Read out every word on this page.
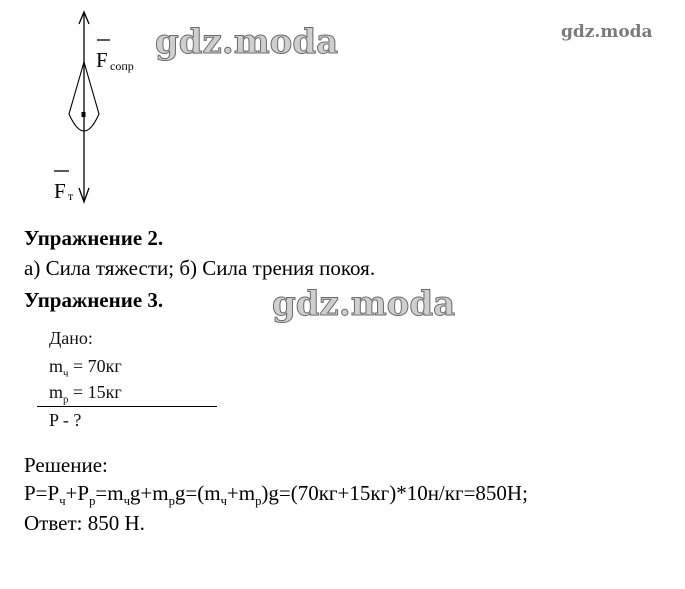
F сопр
F т
gdz.moda	gdz.moda
gdz.moda
Упражнение 2.
а) Сила тяжести; б) Сила трения покоя.
Упражнение 3.
Дано:
$m_ч = 70кг$
$m_р = 15кг$
P - ?
Решение:
$P=P_ч+P_р=m_чg+m_рg=(m_ч+m_р)g=(70кг+15кг)*10н/кг=850Н$;
Ответ: 850 Н.
